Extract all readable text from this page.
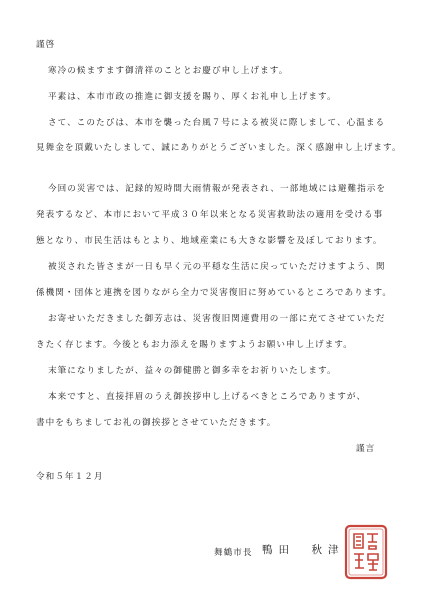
謹啓
寒冷の候ますます御清祥のこととお慶び申し上げます。
平素は、本市市政の推進に御支援を賜り、厚くお礼申し上げます。
さて、このたびは、本市を襲った台風７号による被災に際しまして、心温まる
見舞金を頂戴いたしまして、誠にありがとうございました。深く感謝申し上げます。
今回の災害では、記録的短時間大雨情報が発表され、一部地域には避難指示を
発表するなど、本市において平成３０年以来となる災害救助法の適用を受ける事
態となり、市民生活はもとより、地域産業にも大きな影響を及ぼしております。
被災された皆さまが一日も早く元の平穏な生活に戻っていただけますよう、関
係機関・団体と連携を図りながら全力で災害復旧に努めているところであります。
お寄せいただきました御芳志は、災害復旧関連費用の一部に充てさせていただ
きたく存じます。今後ともお力添えを賜りますようお願い申し上げます。
末筆になりましたが、益々の御健勝と御多幸をお祈りいたします。
本来ですと、直接拝眉のうえ御挨拶申し上げるべきところでありますが、
書中をもちましてお礼の御挨拶とさせていただきます。
謹言
令和５年１２月
舞鶴市長 鴨田　秋津
